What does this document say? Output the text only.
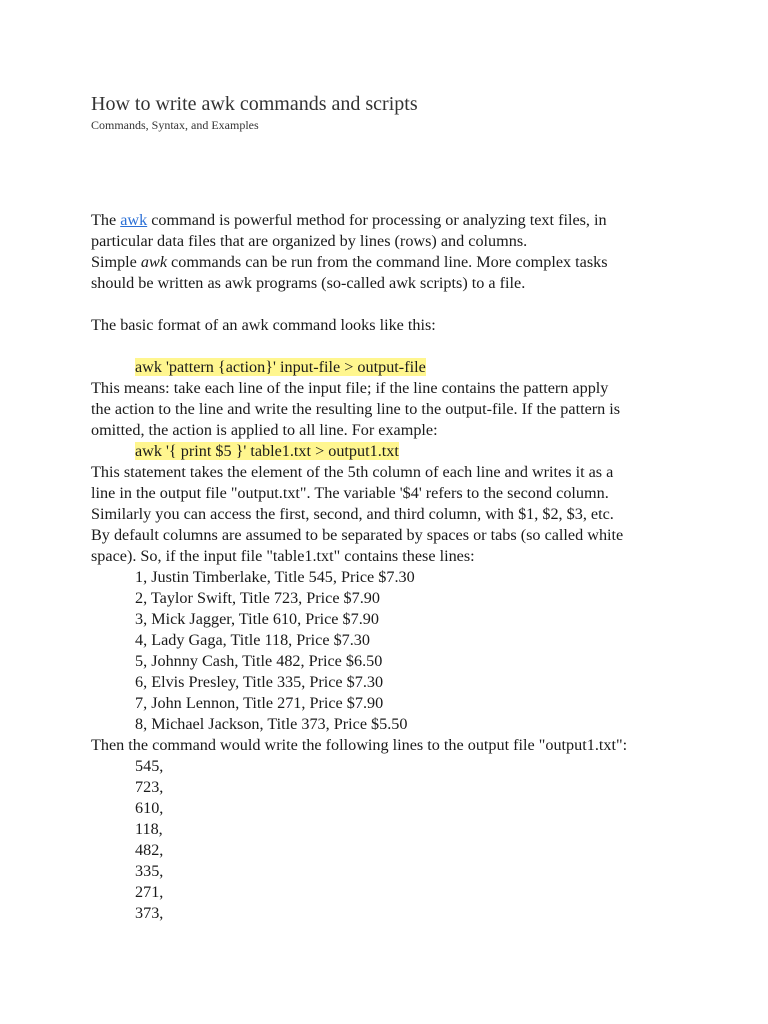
How to write awk commands and scripts
Commands, Syntax, and Examples
The awk command is powerful method for processing or analyzing text files, in
particular data files that are organized by lines (rows) and columns.
Simple awk commands can be run from the command line. More complex tasks
should be written as awk programs (so-called awk scripts) to a file.
The basic format of an awk command looks like this:
awk 'pattern {action}' input-file > output-file
This means: take each line of the input file; if the line contains the pattern apply
the action to the line and write the resulting line to the output-file. If the pattern is
omitted, the action is applied to all line. For example:
awk '{ print $5 }' table1.txt > output1.txt
This statement takes the element of the 5th column of each line and writes it as a
line in the output file "output.txt". The variable '$4' refers to the second column.
Similarly you can access the first, second, and third column, with $1, $2, $3, etc.
By default columns are assumed to be separated by spaces or tabs (so called white
space). So, if the input file "table1.txt" contains these lines:
1, Justin Timberlake, Title 545, Price $7.30
2, Taylor Swift, Title 723, Price $7.90
3, Mick Jagger, Title 610, Price $7.90
4, Lady Gaga, Title 118, Price $7.30
5, Johnny Cash, Title 482, Price $6.50
6, Elvis Presley, Title 335, Price $7.30
7, John Lennon, Title 271, Price $7.90
8, Michael Jackson, Title 373, Price $5.50
Then the command would write the following lines to the output file "output1.txt":
545,
723,
610,
118,
482,
335,
271,
373,
